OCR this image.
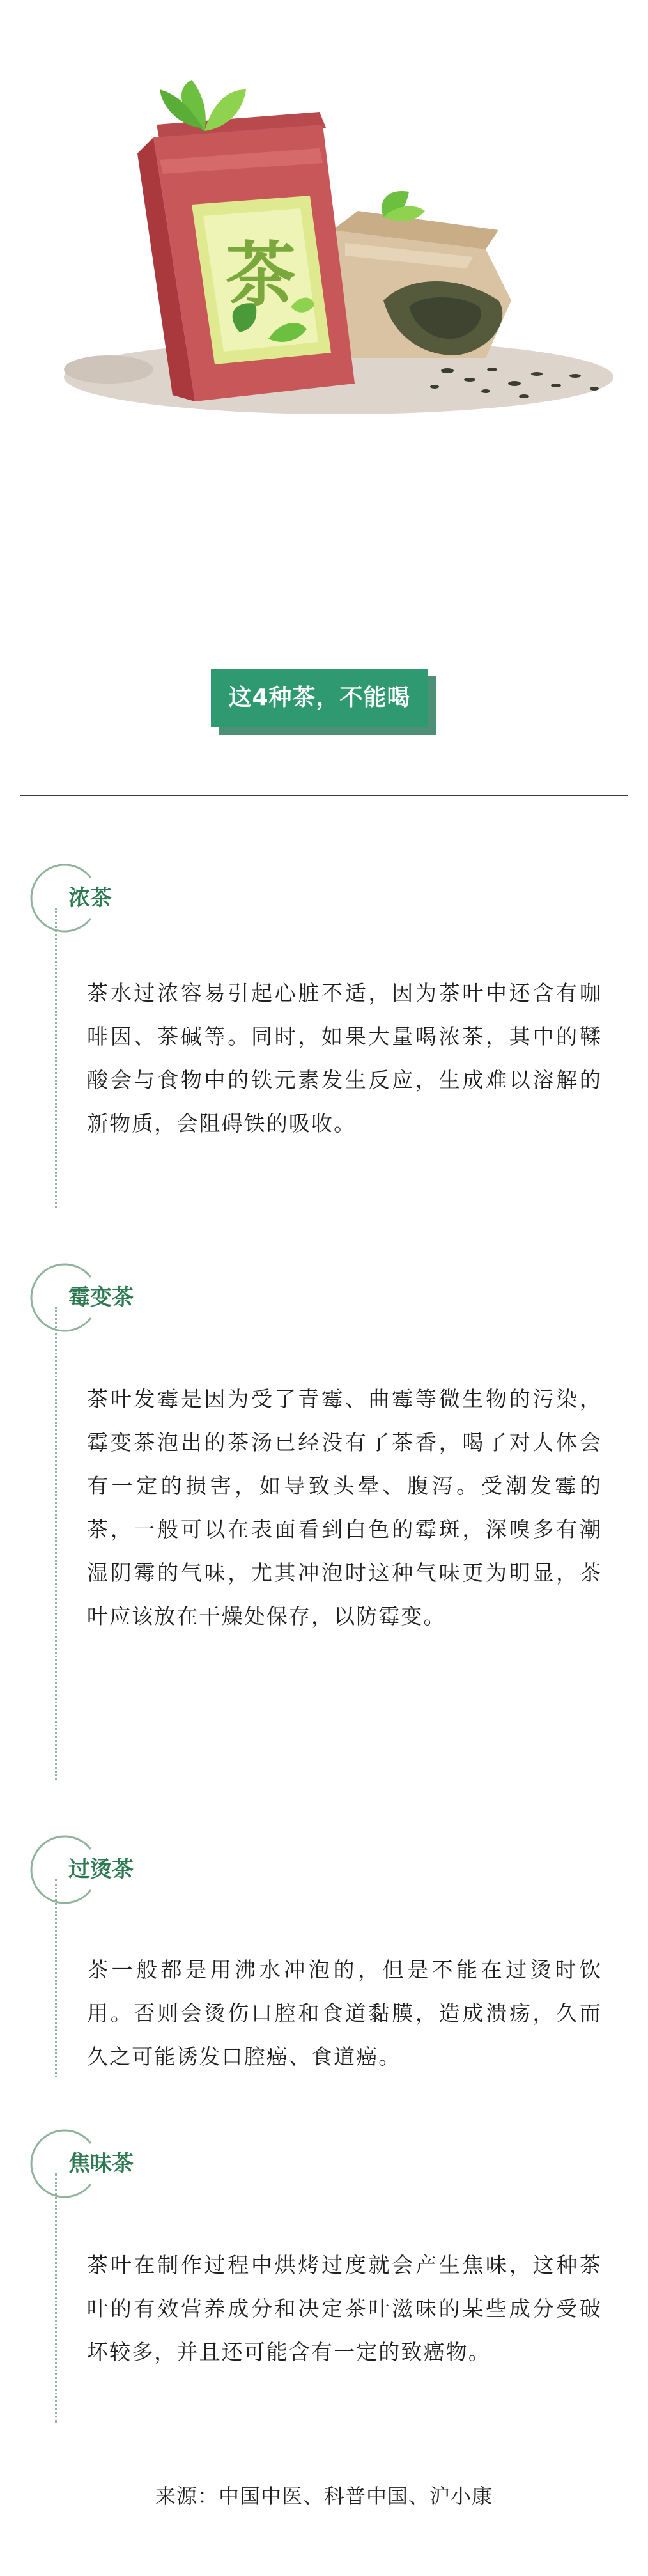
茶
这4种茶，不能喝
浓茶
茶水过浓容易引起心脏不适，因为茶叶中还含有咖啡因、茶碱等。同时，如果大量喝浓茶，其中的鞣酸会与食物中的铁元素发生反应，生成难以溶解的新物质，会阻碍铁的吸收。
霉变茶
茶叶发霉是因为受了青霉、曲霉等微生物的污染，霉变茶泡出的茶汤已经没有了茶香，喝了对人体会有一定的损害，如导致头晕、腹泻。受潮发霉的茶，一般可以在表面看到白色的霉斑，深嗅多有潮湿阴霉的气味，尤其冲泡时这种气味更为明显，茶叶应该放在干燥处保存，以防霉变。
过烫茶
茶一般都是用沸水冲泡的，但是不能在过烫时饮用。否则会烫伤口腔和食道黏膜，造成溃疡，久而久之可能诱发口腔癌、食道癌。
焦味茶
茶叶在制作过程中烘烤过度就会产生焦味，这种茶叶的有效营养成分和决定茶叶滋味的某些成分受破坏较多，并且还可能含有一定的致癌物。
来源：中国中医、科普中国、沪小康
